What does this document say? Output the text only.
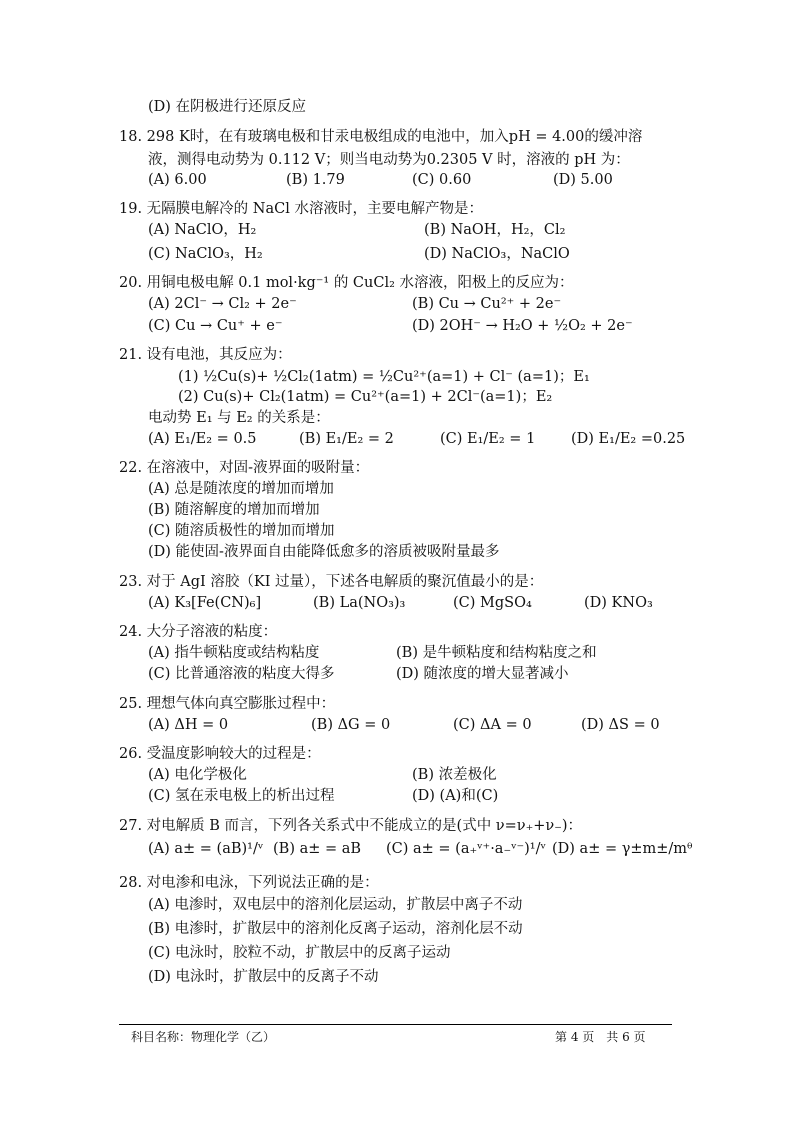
(D) 在阴极进行还原反应
18. 298 K时，在有玻璃电极和甘汞电极组成的电池中，加入pH = 4.00的缓冲溶
液，测得电动势为 0.112 V；则当电动势为0.2305 V 时，溶液的 pH 为：
(A) 6.00	(B) 1.79	(C) 0.60	(D) 5.00
19. 无隔膜电解冷的 NaCl 水溶液时，主要电解产物是：
(A) NaClO，H₂	(B) NaOH，H₂，Cl₂
(C) NaClO₃，H₂	(D) NaClO₃，NaClO
20. 用铜电极电解 0.1 mol·kg⁻¹ 的 CuCl₂ 水溶液，阳极上的反应为：
(A) 2Cl⁻ → Cl₂ + 2e⁻	(B) Cu → Cu²⁺ + 2e⁻
(C) Cu → Cu⁺ + e⁻	(D) 2OH⁻ → H₂O + ½O₂ + 2e⁻
21. 设有电池，其反应为：
(1) ½Cu(s)+ ½Cl₂(1atm) = ½Cu²⁺(a=1) + Cl⁻ (a=1)；E₁
(2) Cu(s)+ Cl₂(1atm) = Cu²⁺(a=1) + 2Cl⁻(a=1)；E₂
电动势 E₁ 与 E₂ 的关系是：
(A) E₁/E₂ = 0.5	(B) E₁/E₂ = 2	(C) E₁/E₂ = 1 (D) E₁/E₂ =0.25
22. 在溶液中，对固-液界面的吸附量：
(A) 总是随浓度的增加而增加
(B) 随溶解度的增加而增加
(C) 随溶质极性的增加而增加
(D) 能使固-液界面自由能降低愈多的溶质被吸附量最多
23. 对于 AgI 溶胶（KI 过量），下述各电解质的聚沉值最小的是：
(A) K₃[Fe(CN)₆]	(B) La(NO₃)₃	(C) MgSO₄	(D) KNO₃
24. 大分子溶液的粘度：
(A) 指牛顿粘度或结构粘度	(B) 是牛顿粘度和结构粘度之和
(C) 比普通溶液的粘度大得多	(D) 随浓度的增大显著减小
25. 理想气体向真空膨胀过程中：
(A) ΔH = 0	(B) ΔG = 0	(C) ΔA = 0	(D) ΔS = 0
26. 受温度影响较大的过程是：
(A) 电化学极化	(B) 浓差极化
(C) 氢在汞电极上的析出过程	(D) (A)和(C)
27. 对电解质 B 而言，下列各关系式中不能成立的是(式中 ν=ν₊+ν₋)：
(A) a± = (aB)¹/ᵛ (B) a± = aB (C) a± = (a₊ᵛ⁺·a₋ᵛ⁻)¹/ᵛ (D) a± = γ±m±/mᶿ
28. 对电渗和电泳，下列说法正确的是：
(A) 电渗时，双电层中的溶剂化层运动，扩散层中离子不动
(B) 电渗时，扩散层中的溶剂化反离子运动，溶剂化层不动
(C) 电泳时，胶粒不动，扩散层中的反离子运动
(D) 电泳时，扩散层中的反离子不动
科目名称：物理化学（乙）	第 4 页　共 6 页
